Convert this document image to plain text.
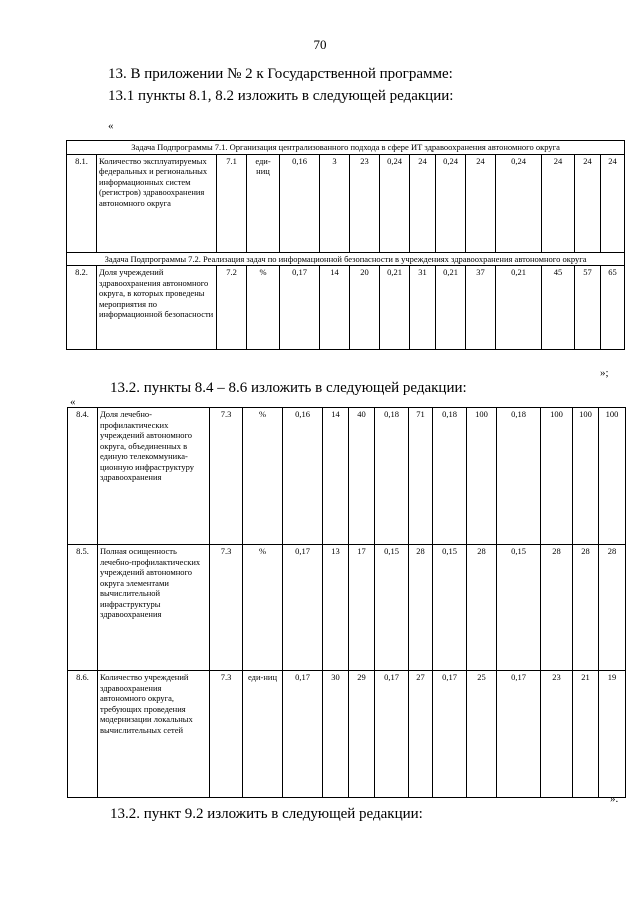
70
13. В приложении № 2 к Государственной программе:
13.1 пункты 8.1, 8.2 изложить в следующей редакции:
«
Задача Подпрограммы 7.1. Организация централизованного подхода в сфере ИТ здравоохранения автономного округа														
8.1.	Количество эксплуатируемых федеральных и региональных информационных систем (регистров) здравоохранения автономного округа	7.1	еди-ниц	0,16	3	23	0,24	24	0,24	24	0,24	24	24	24
Задача Подпрограммы 7.2. Реализация задач по информационной безопасности в учреждениях здравоохранения автономного округа														
8.2.	Доля учреждений здравоохранения автономного округа, в которых проведены мероприятия по информационной безопасности	7.2	%	0,17	14	20	0,21	31	0,21	37	0,21	45	57	65
»;
13.2. пункты 8.4 – 8.6 изложить в следующей редакции:
«
8.4.	Доля лечебно-профилактических учреждений автономного округа, объединенных в единую телекоммуника-ционную инфраструктуру здравоохранения	7.3	%	0,16	14	40	0,18	71	0,18	100	0,18	100	100	100
8.5.	Полная осищенность лечебно-профилактических учреждений автономного округа элементами вычислительной инфраструктуры здравоохранения	7.3	%	0,17	13	17	0,15	28	0,15	28	0,15	28	28	28
8.6.	Количество учреждений здравоохранения автономного округа, требующих проведения модернизации локальных вычислительных сетей	7.3	еди-ниц	0,17	30	29	0,17	27	0,17	25	0,17	23	21	19
».
13.2. пункт 9.2 изложить в следующей редакции:
